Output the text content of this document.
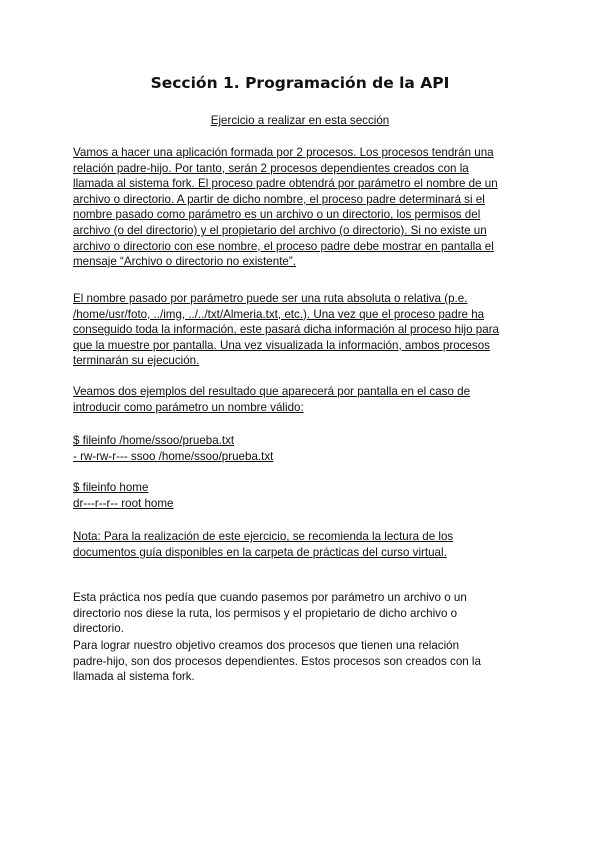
Sección 1. Programación de la API
Ejercicio a realizar en esta sección

Vamos a hacer una aplicación formada por 2 procesos. Los procesos tendrán una
relación padre-hijo. Por tanto, serán 2 procesos dependientes creados con la
llamada al sistema fork. El proceso padre obtendrá por parámetro el nombre de un
archivo o directorio. A partir de dicho nombre, el proceso padre determinará si el
nombre pasado como parámetro es un archivo o un directorio, los permisos del
archivo (o del directorio) y el propietario del archivo (o directorio). Si no existe un
archivo o directorio con ese nombre, el proceso padre debe mostrar en pantalla el
mensaje “Archivo o directorio no existente”.

El nombre pasado por parámetro puede ser una ruta absoluta o relativa (p.e.
/home/usr/foto, ../img, ../../txt/Almeria.txt, etc.). Una vez que el proceso padre ha
conseguido toda la información, este pasará dicha información al proceso hijo para
que la muestre por pantalla. Una vez visualizada la información, ambos procesos
terminarán su ejecución.

Veamos dos ejemplos del resultado que aparecerá por pantalla en el caso de
introducir como parámetro un nombre válido:

$ fileinfo /home/ssoo/prueba.txt
- rw-rw-r--- ssoo /home/ssoo/prueba.txt

$ fileinfo home
dr---r--r-- root home

Nota: Para la realización de este ejercicio, se recomienda la lectura de los
documentos guía disponibles en la carpeta de prácticas del curso virtual.

Esta práctica nos pedía que cuando pasemos por parámetro un archivo o un
directorio nos diese la ruta, los permisos y el propietario de dicho archivo o
directorio.

Para lograr nuestro objetivo creamos dos procesos que tienen una relación
padre-hijo, son dos procesos dependientes. Estos procesos son creados con la
llamada al sistema fork.
